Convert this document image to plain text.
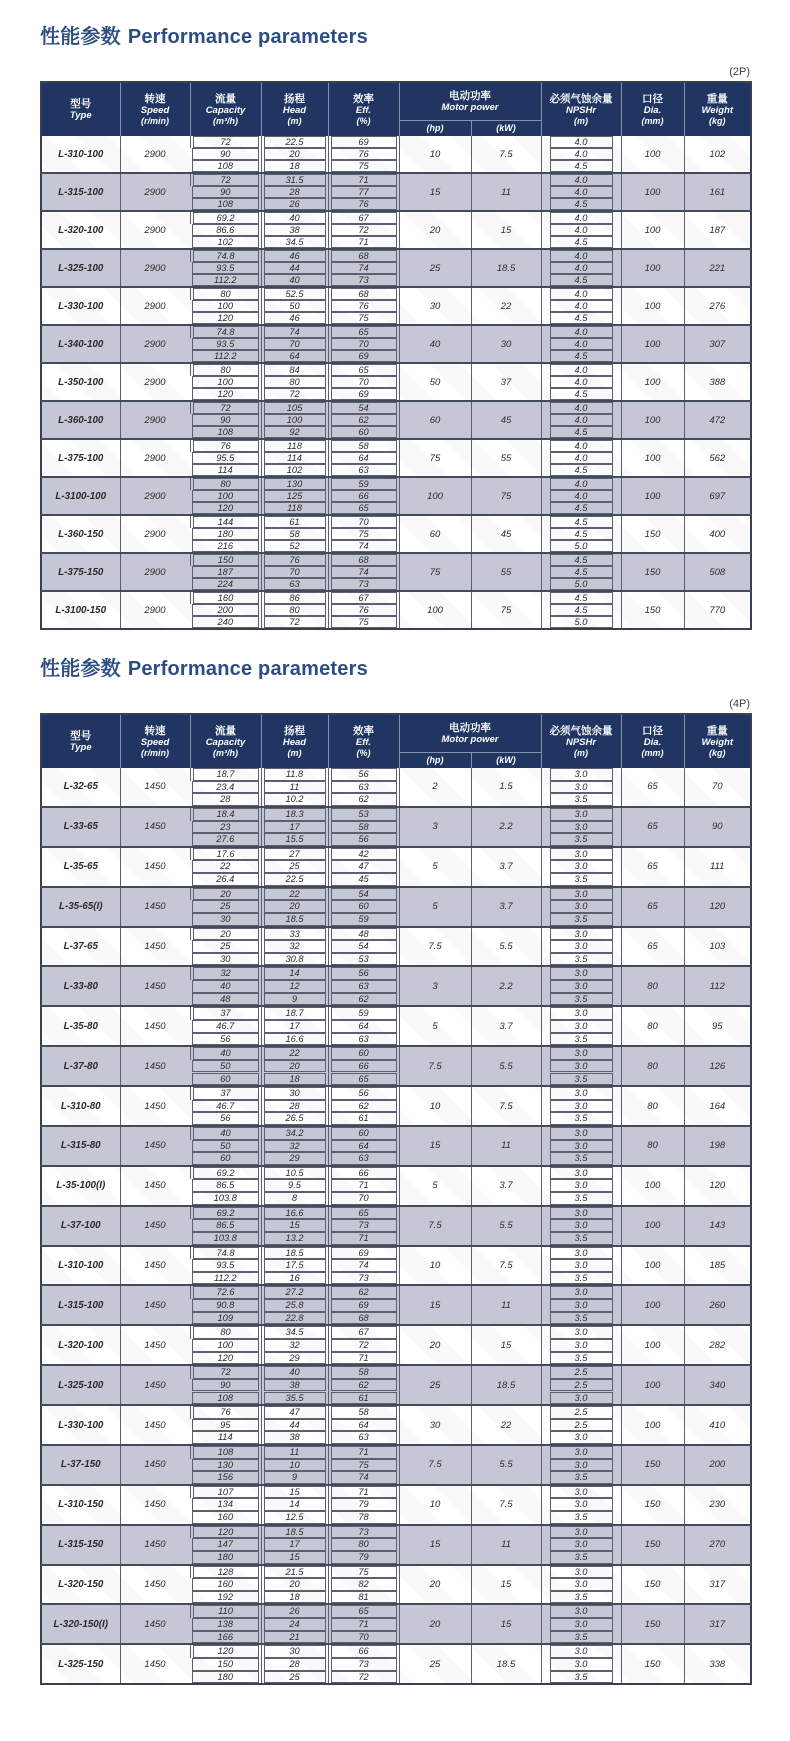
性能参数 Performance parameters
(2P)
型号
Type

转速
Speed
(r/min)

流量
Capacity
(m³/h)

扬程
Head
(m)

效率
Eff.
(%)

电动功率
Motor power

必须气蚀余量
NPSHr
(m)

口径
Dia.
(mm)

重量
Weight
(kg)

					(hp)	(kW)			
L-310-100	2900	72	22.5	69	10	7.5	4.0	100	102

		90	20	76			4.0		

		108	18	75			4.5		

L-315-100	2900	72	31.5	71	15	11	4.0	100	161

		90	28	77			4.0		

		108	26	76			4.5		

L-320-100	2900	69.2	40	67	20	15	4.0	100	187

		86.6	38	72			4.0		

		102	34.5	71			4.5		

L-325-100	2900	74.8	46	68	25	18.5	4.0	100	221

		93.5	44	74			4.0		

		112.2	40	73			4.5		

L-330-100	2900	80	52.5	68	30	22	4.0	100	276

		100	50	76			4.0		

		120	46	75			4.5		

L-340-100	2900	74.8	74	65	40	30	4.0	100	307

		93.5	70	70			4.0		

		112.2	64	69			4.5		

L-350-100	2900	80	84	65	50	37	4.0	100	388

		100	80	70			4.0		

		120	72	69			4.5		

L-360-100	2900	72	105	54	60	45	4.0	100	472

		90	100	62			4.0		

		108	92	60			4.5		

L-375-100	2900	76	118	58	75	55	4.0	100	562

		95.5	114	64			4.0		

		114	102	63			4.5		

L-3100-100	2900	80	130	59	100	75	4.0	100	697

		100	125	66			4.0		

		120	118	65			4.5		

L-360-150	2900	144	61	70	60	45	4.5	150	400

		180	58	75			4.5		

		216	52	74			5.0		

L-375-150	2900	150	76	68	75	55	4.5	150	508

		187	70	74			4.5		

		224	63	73			5.0		

L-3100-150	2900	160	86	67	100	75	4.5	150	770

		200	80	76			4.5		

		240	72	75			5.0		
性能参数 Performance parameters
(4P)
型号
Type

转速
Speed
(r/min)

流量
Capacity
(m³/h)

扬程
Head
(m)

效率
Eff.
(%)

电动功率
Motor power

必须气蚀余量
NPSHr
(m)

口径
Dia.
(mm)

重量
Weight
(kg)

					(hp)	(kW)			
L-32-65	1450	18.7	11.8	56	2	1.5	3.0	65	70

		23.4	11	63			3.0		

		28	10.2	62			3.5		

L-33-65	1450	18.4	18.3	53	3	2.2	3.0	65	90

		23	17	58			3.0		

		27.6	15.5	56			3.5		

L-35-65	1450	17.6	27	42	5	3.7	3.0	65	111

		22	25	47			3.0		

		26.4	22.5	45			3.5		

L-35-65(I)	1450	20	22	54	5	3.7	3.0	65	120

		25	20	60			3.0		

		30	18.5	59			3.5		

L-37-65	1450	20	33	48	7.5	5.5	3.0	65	103

		25	32	54			3.0		

		30	30.8	53			3.5		

L-33-80	1450	32	14	56	3	2.2	3.0	80	112

		40	12	63			3.0		

		48	9	62			3.5		

L-35-80	1450	37	18.7	59	5	3.7	3.0	80	95

		46.7	17	64			3.0		

		56	16.6	63			3.5		

L-37-80	1450	40	22	60	7.5	5.5	3.0	80	126

		50	20	66			3.0		

		60	18	65			3.5		

L-310-80	1450	37	30	56	10	7.5	3.0	80	164

		46.7	28	62			3.0		

		56	26.5	61			3.5		

L-315-80	1450	40	34.2	60	15	11	3.0	80	198

		50	32	64			3.0		

		60	29	63			3.5		

L-35-100(I)	1450	69.2	10.5	66	5	3.7	3.0	100	120

		86.5	9.5	71			3.0		

		103.8	8	70			3.5		

L-37-100	1450	69.2	16.6	65	7.5	5.5	3.0	100	143

		86.5	15	73			3.0		

		103.8	13.2	71			3.5		

L-310-100	1450	74.8	18.5	69	10	7.5	3.0	100	185

		93.5	17.5	74			3.0		

		112.2	16	73			3.5		

L-315-100	1450	72.6	27.2	62	15	11	3.0	100	260

		90.8	25.8	69			3.0		

		109	22.8	68			3.5		

L-320-100	1450	80	34.5	67	20	15	3.0	100	282

		100	32	72			3.0		

		120	29	71			3.5		

L-325-100	1450	72	40	58	25	18.5	2.5	100	340

		90	38	62			2.5		

		108	35.5	61			3.0		

L-330-100	1450	76	47	58	30	22	2.5	100	410

		95	44	64			2.5		

		114	38	63			3.0		

L-37-150	1450	108	11	71	7.5	5.5	3.0	150	200

		130	10	75			3.0		

		156	9	74			3.5		

L-310-150	1450	107	15	71	10	7.5	3.0	150	230

		134	14	79			3.0		

		160	12.5	78			3.5		

L-315-150	1450	120	18.5	73	15	11	3.0	150	270

		147	17	80			3.0		

		180	15	79			3.5		

L-320-150	1450	128	21.5	75	20	15	3.0	150	317

		160	20	82			3.0		

		192	18	81			3.5		

L-320-150(I)	1450	110	26	65	20	15	3.0	150	317

		138	24	71			3.0		

		166	21	70			3.5		

L-325-150	1450	120	30	66	25	18.5	3.0	150	338

		150	28	73			3.0		

		180	25	72			3.5		
